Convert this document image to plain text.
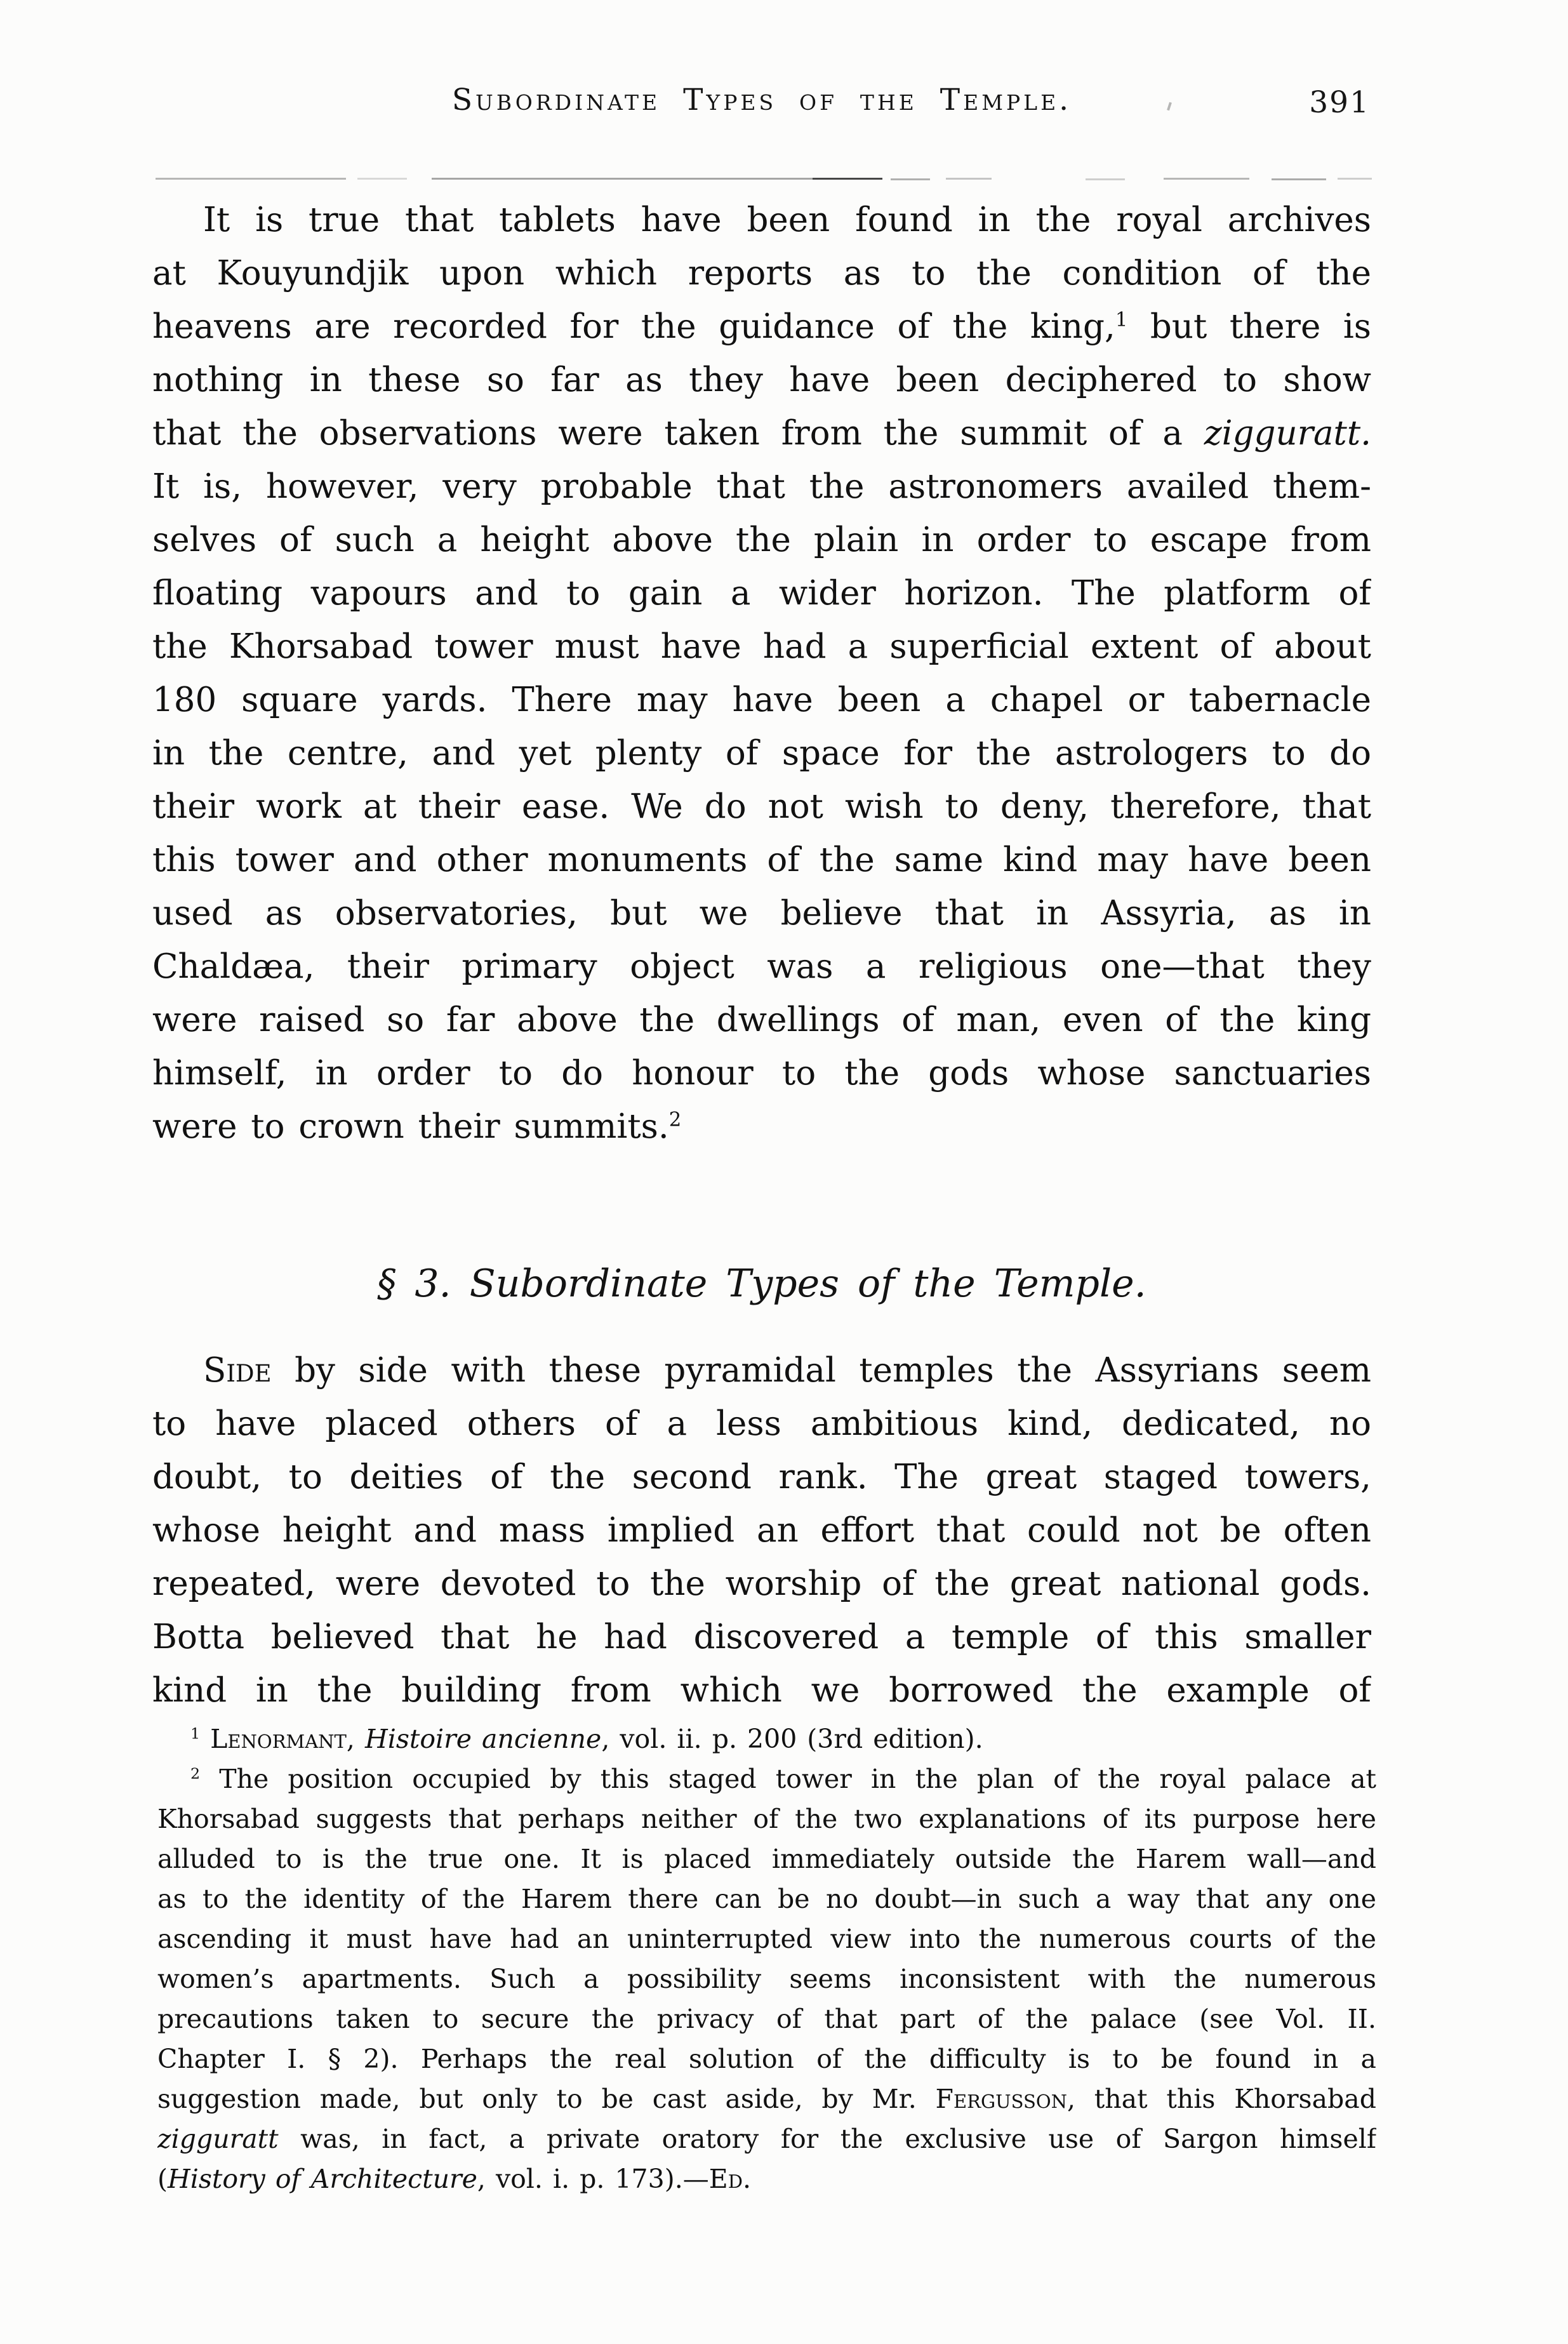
Subordinate Types of the Temple.	391
It is true that tablets have been found in the royal archives
at Kouyundjik upon which reports as to the condition of the
heavens are recorded for the guidance of the king,$^1$ but there is
nothing in these so far as they have been deciphered to show
that the observations were taken from the summit of a zigguratt.
It is, however, very probable that the astronomers availed them-
selves of such a height above the plain in order to escape from
floating vapours and to gain a wider horizon. The platform of
the Khorsabad tower must have had a superficial extent of about
180 square yards. There may have been a chapel or tabernacle
in the centre, and yet plenty of space for the astrologers to do
their work at their ease. We do not wish to deny, therefore, that
this tower and other monuments of the same kind may have been
used as observatories, but we believe that in Assyria, as in
Chaldæa, their primary object was a religious one—that they
were raised so far above the dwellings of man, even of the king
himself, in order to do honour to the gods whose sanctuaries
were to crown their summits.$^2$
§ 3. Subordinate Types of the Temple.
Side by side with these pyramidal temples the Assyrians seem
to have placed others of a less ambitious kind, dedicated, no
doubt, to deities of the second rank. The great staged towers,
whose height and mass implied an effort that could not be often
repeated, were devoted to the worship of the great national gods.
Botta believed that he had discovered a temple of this smaller
kind in the building from which we borrowed the example of
$^1$ Lenormant, Histoire ancienne, vol. ii. p. 200 (3rd edition).
$^2$ The position occupied by this staged tower in the plan of the royal palace at
Khorsabad suggests that perhaps neither of the two explanations of its purpose here
alluded to is the true one. It is placed immediately outside the Harem wall—and
as to the identity of the Harem there can be no doubt—in such a way that any one
ascending it must have had an uninterrupted view into the numerous courts of the
women’s apartments. Such a possibility seems inconsistent with the numerous
precautions taken to secure the privacy of that part of the palace (see Vol. II.
Chapter I. § 2). Perhaps the real solution of the difficulty is to be found in a
suggestion made, but only to be cast aside, by Mr. Fergusson, that this Khorsabad
zigguratt was, in fact, a private oratory for the exclusive use of Sargon himself
(History of Architecture, vol. i. p. 173).—Ed.
